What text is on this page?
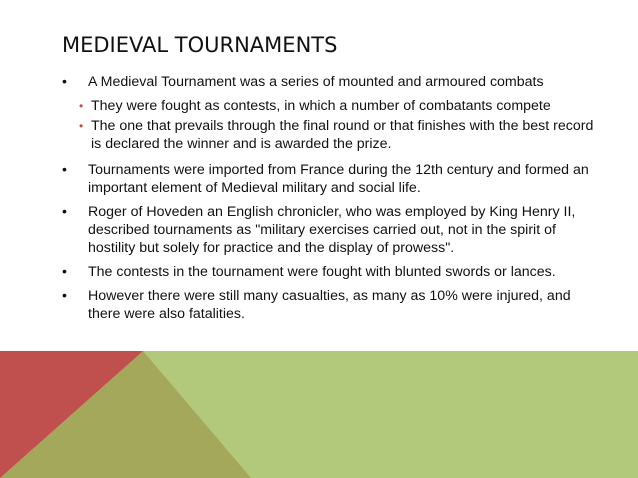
MEDIEVAL TOURNAMENTS
• A Medieval Tournament was a series of mounted and armoured combats
• They were fought as contests, in which a number of combatants compete
• The one that prevails through the final round or that finishes with the best record is declared the winner and is awarded the prize.
• Tournaments were imported from France during the 12th century and formed an important element of Medieval military and social life.
• Roger of Hoveden an English chronicler, who was employed by King Henry II, described tournaments as "military exercises carried out, not in the spirit of hostility but solely for practice and the display of prowess".
• The contests in the tournament were fought with blunted swords or lances.
• However there were still many casualties, as many as 10% were injured, and there were also fatalities.
